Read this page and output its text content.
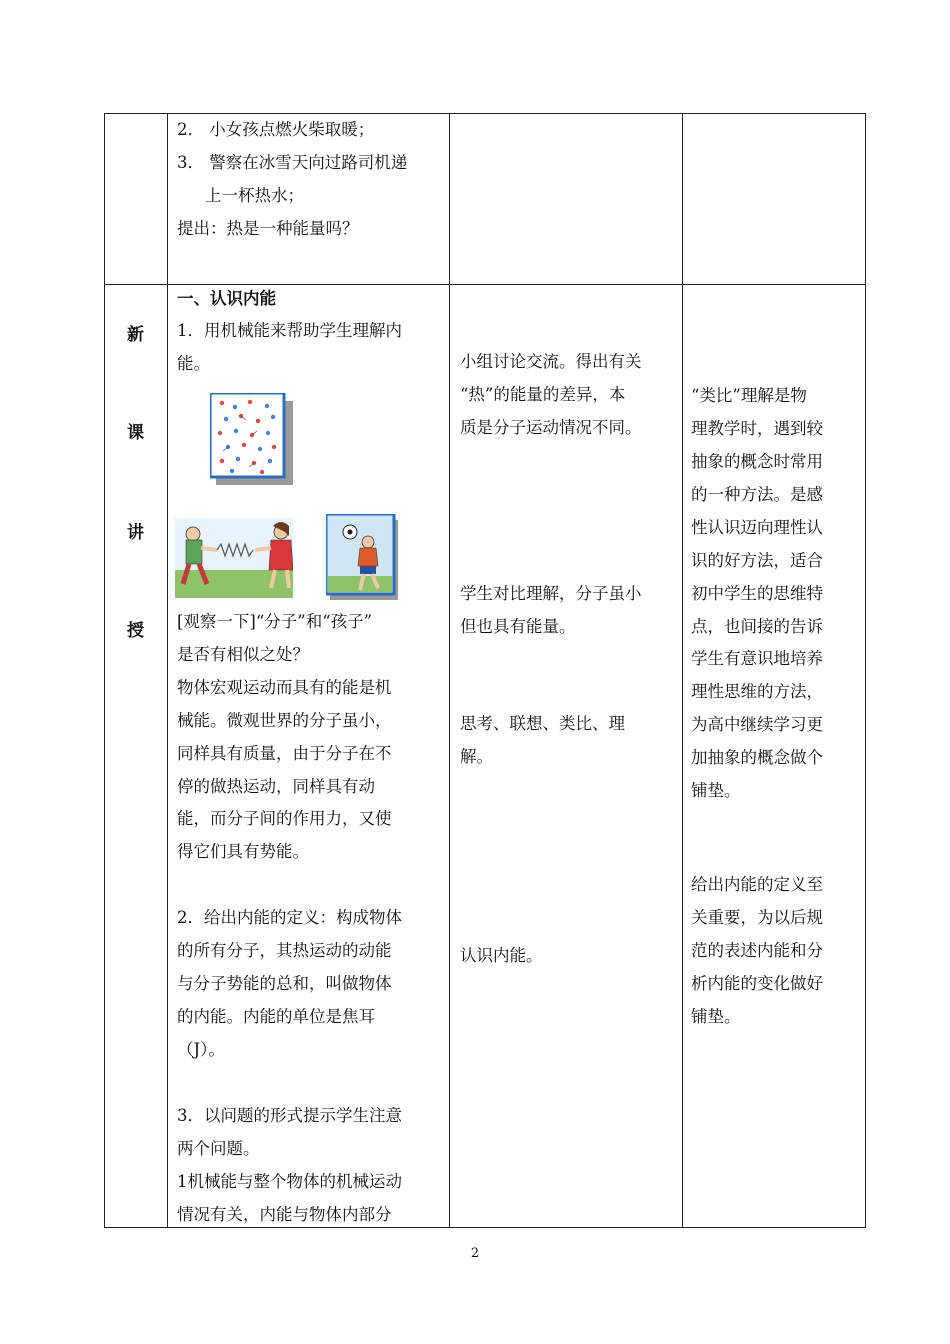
2． 小女孩点燃火柴取暖；
3． 警察在冰雪天向过路司机递
上一杯热水；
提出：热是一种能量吗？
新
课
讲
授
一、认识内能
1．用机械能来帮助学生理解内
能。
[观察一下]“分子”和“孩子”
是否有相似之处？
物体宏观运动而具有的能是机
械能。微观世界的分子虽小，
同样具有质量，由于分子在不
停的做热运动，同样具有动
能，而分子间的作用力，又使
得它们具有势能。
2．给出内能的定义：构成物体
的所有分子，其热运动的动能
与分子势能的总和，叫做物体
的内能。内能的单位是焦耳
（J）。
3．以问题的形式提示学生注意
两个问题。
1机械能与整个物体的机械运动
情况有关，内能与物体内部分
小组讨论交流。得出有关
“热”的能量的差异，本
质是分子运动情况不同。
学生对比理解，分子虽小
但也具有能量。
思考、联想、类比、理
解。
认识内能。
“类比”理解是物
理教学时，遇到较
抽象的概念时常用
的一种方法。是感
性认识迈向理性认
识的好方法，适合
初中学生的思维特
点，也间接的告诉
学生有意识地培养
理性思维的方法，
为高中继续学习更
加抽象的概念做个
铺垫。
给出内能的定义至
关重要，为以后规
范的表述内能和分
析内能的变化做好
铺垫。
2
